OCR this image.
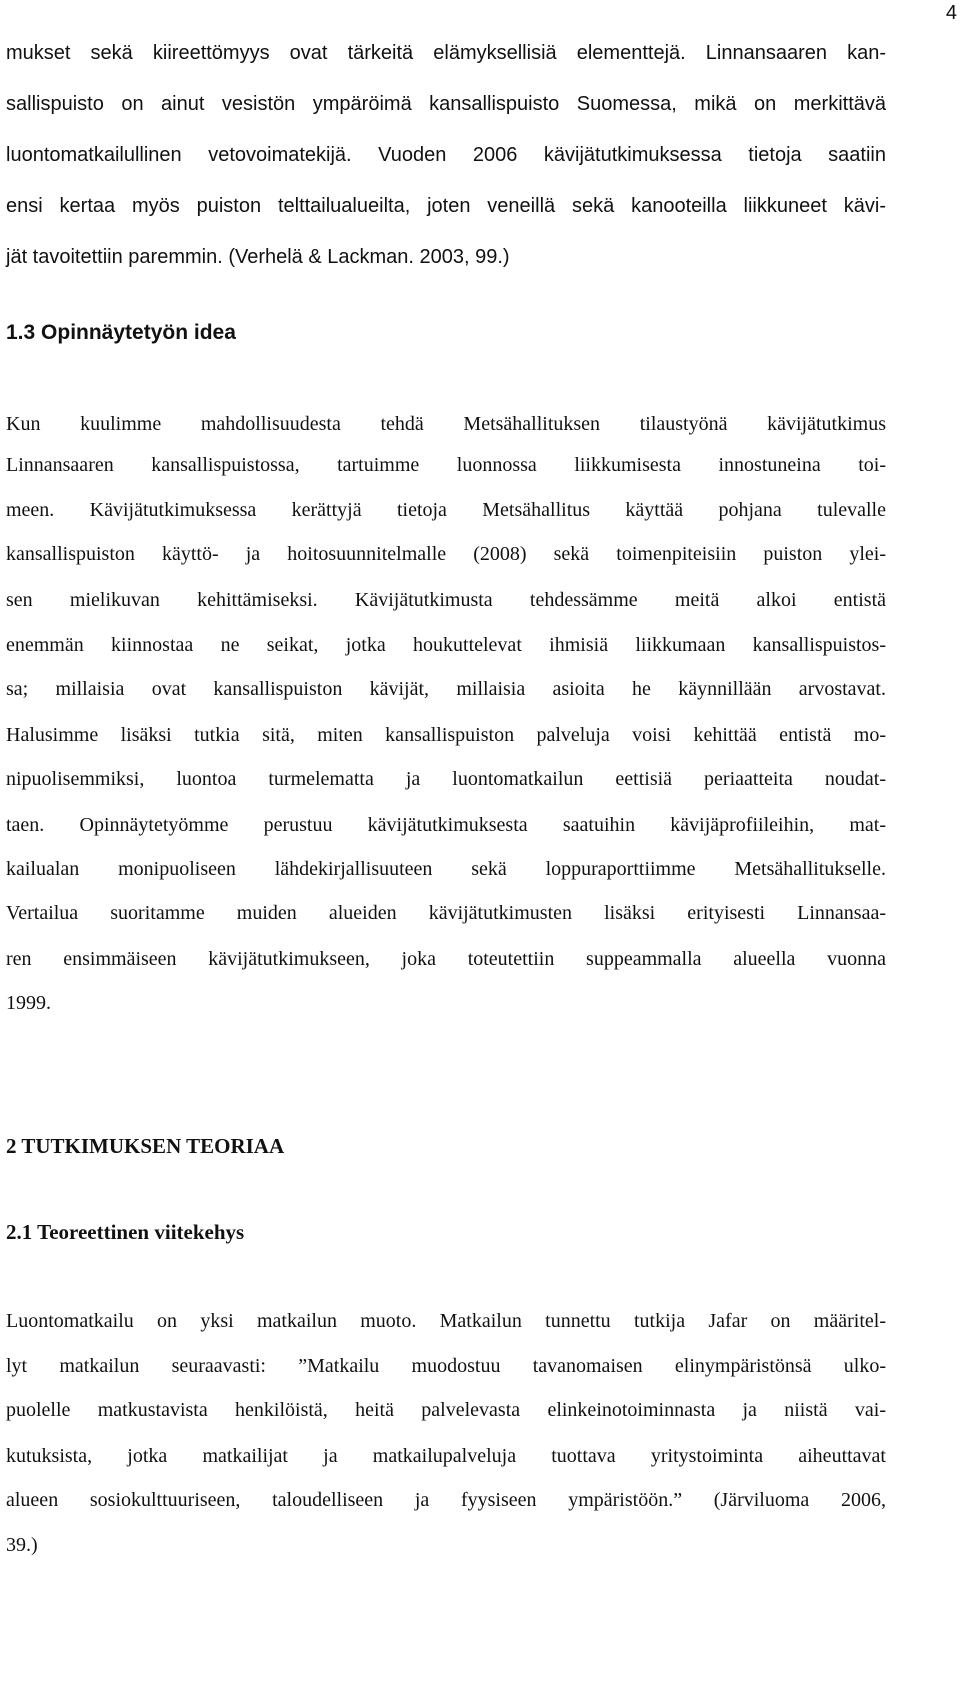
4
mukset sekä kiireettömyys ovat tärkeitä elämyksellisiä elementtejä. Linnansaaren kan-
sallispuisto on ainut vesistön ympäröimä kansallispuisto Suomessa, mikä on merkittävä
luontomatkailullinen vetovoimatekijä. Vuoden 2006 kävijätutkimuksessa tietoja saatiin
ensi kertaa myös puiston telttailualueilta, joten veneillä sekä kanooteilla liikkuneet kävi-
jät tavoitettiin paremmin. (Verhelä & Lackman. 2003, 99.)
1.3 Opinnäytetyön idea
Kun kuulimme mahdollisuudesta tehdä Metsähallituksen tilaustyönä kävijätutkimus
Linnansaaren kansallispuistossa, tartuimme luonnossa liikkumisesta innostuneina toi-
meen. Kävijätutkimuksessa kerättyjä tietoja Metsähallitus käyttää pohjana tulevalle
kansallispuiston käyttö- ja hoitosuunnitelmalle (2008) sekä toimenpiteisiin puiston ylei-
sen mielikuvan kehittämiseksi. Kävijätutkimusta tehdessämme meitä alkoi entistä
enemmän kiinnostaa ne seikat, jotka houkuttelevat ihmisiä liikkumaan kansallispuistos-
sa; millaisia ovat kansallispuiston kävijät, millaisia asioita he käynnillään arvostavat.
Halusimme lisäksi tutkia sitä, miten kansallispuiston palveluja voisi kehittää entistä mo-
nipuolisemmiksi, luontoa turmelematta ja luontomatkailun eettisiä periaatteita noudat-
taen. Opinnäytetyömme perustuu kävijätutkimuksesta saatuihin kävijäprofiileihin, mat-
kailualan monipuoliseen lähdekirjallisuuteen sekä loppuraporttiimme Metsähallitukselle.
Vertailua suoritamme muiden alueiden kävijätutkimusten lisäksi erityisesti Linnansaa-
ren ensimmäiseen kävijätutkimukseen, joka toteutettiin suppeammalla alueella vuonna
1999.
2 TUTKIMUKSEN TEORIAA
2.1 Teoreettinen viitekehys
Luontomatkailu on yksi matkailun muoto. Matkailun tunnettu tutkija Jafar on määritel-
lyt matkailun seuraavasti: ”Matkailu muodostuu tavanomaisen elinympäristönsä ulko-
puolelle matkustavista henkilöistä, heitä palvelevasta elinkeinotoiminnasta ja niistä vai-
kutuksista, jotka matkailijat ja matkailupalveluja tuottava yritystoiminta aiheuttavat
alueen sosiokulttuuriseen, taloudelliseen ja fyysiseen ympäristöön.” (Järviluoma 2006,
39.)
